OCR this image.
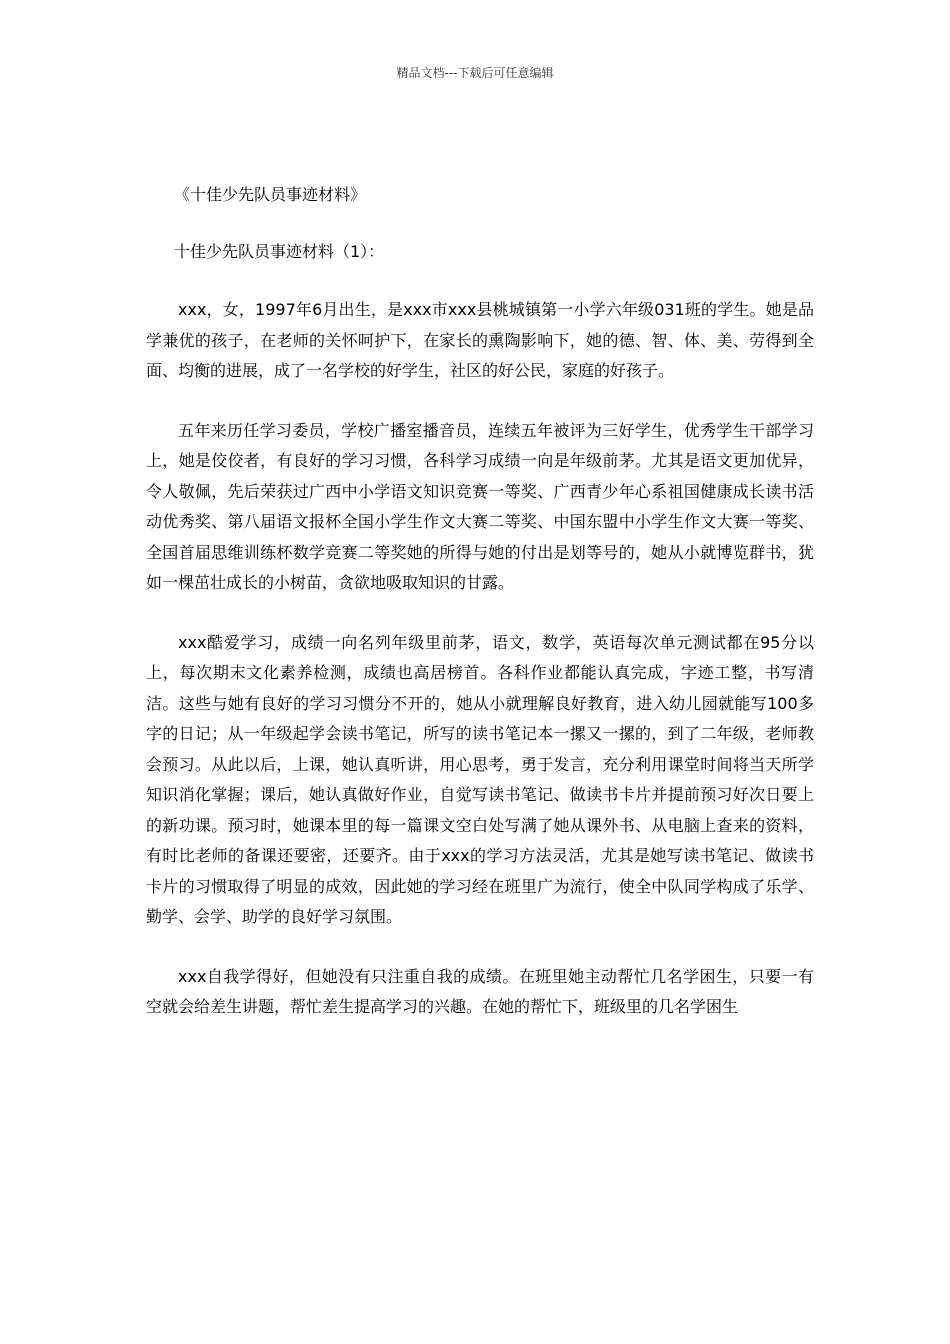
精品文档---下载后可任意编辑
《十佳少先队员事迹材料》
十佳少先队员事迹材料（1）：

xxx，女，1997年6月出生，是xxx市xxx县桃城镇第一小学六年级031班的学生。她是品学兼优的孩子，在老师的关怀呵护下，在家长的熏陶影响下，她的德、智、体、美、劳得到全面、均衡的进展，成了一名学校的好学生，社区的好公民，家庭的好孩子。

五年来历任学习委员，学校广播室播音员，连续五年被评为三好学生，优秀学生干部学习上，她是佼佼者，有良好的学习习惯，各科学习成绩一向是年级前茅。尤其是语文更加优异，令人敬佩，先后荣获过广西中小学语文知识竞赛一等奖、广西青少年心系祖国健康成长读书活动优秀奖、第八届语文报杯全国小学生作文大赛二等奖、中国东盟中小学生作文大赛一等奖、全国首届思维训练杯数学竞赛二等奖她的所得与她的付出是划等号的，她从小就博览群书，犹如一棵茁壮成长的小树苗，贪欲地吸取知识的甘露。

xxx酷爱学习，成绩一向名列年级里前茅，语文，数学，英语每次单元测试都在95分以上，每次期末文化素养检测，成绩也高居榜首。各科作业都能认真完成，字迹工整，书写清洁。这些与她有良好的学习习惯分不开的，她从小就理解良好教育，进入幼儿园就能写100多字的日记；从一年级起学会读书笔记，所写的读书笔记本一摞又一摞的，到了二年级，老师教会预习。从此以后，上课，她认真听讲，用心思考，勇于发言，充分利用课堂时间将当天所学知识消化掌握；课后，她认真做好作业，自觉写读书笔记、做读书卡片并提前预习好次日要上的新功课。预习时，她课本里的每一篇课文空白处写满了她从课外书、从电脑上查来的资料，有时比老师的备课还要密，还要齐。由于xxx的学习方法灵活，尤其是她写读书笔记、做读书卡片的习惯取得了明显的成效，因此她的学习经在班里广为流行，使全中队同学构成了乐学、勤学、会学、助学的良好学习氛围。

xxx自我学得好，但她没有只注重自我的成绩。在班里她主动帮忙几名学困生，只要一有空就会给差生讲题，帮忙差生提高学习的兴趣。在她的帮忙下，班级里的几名学困生
